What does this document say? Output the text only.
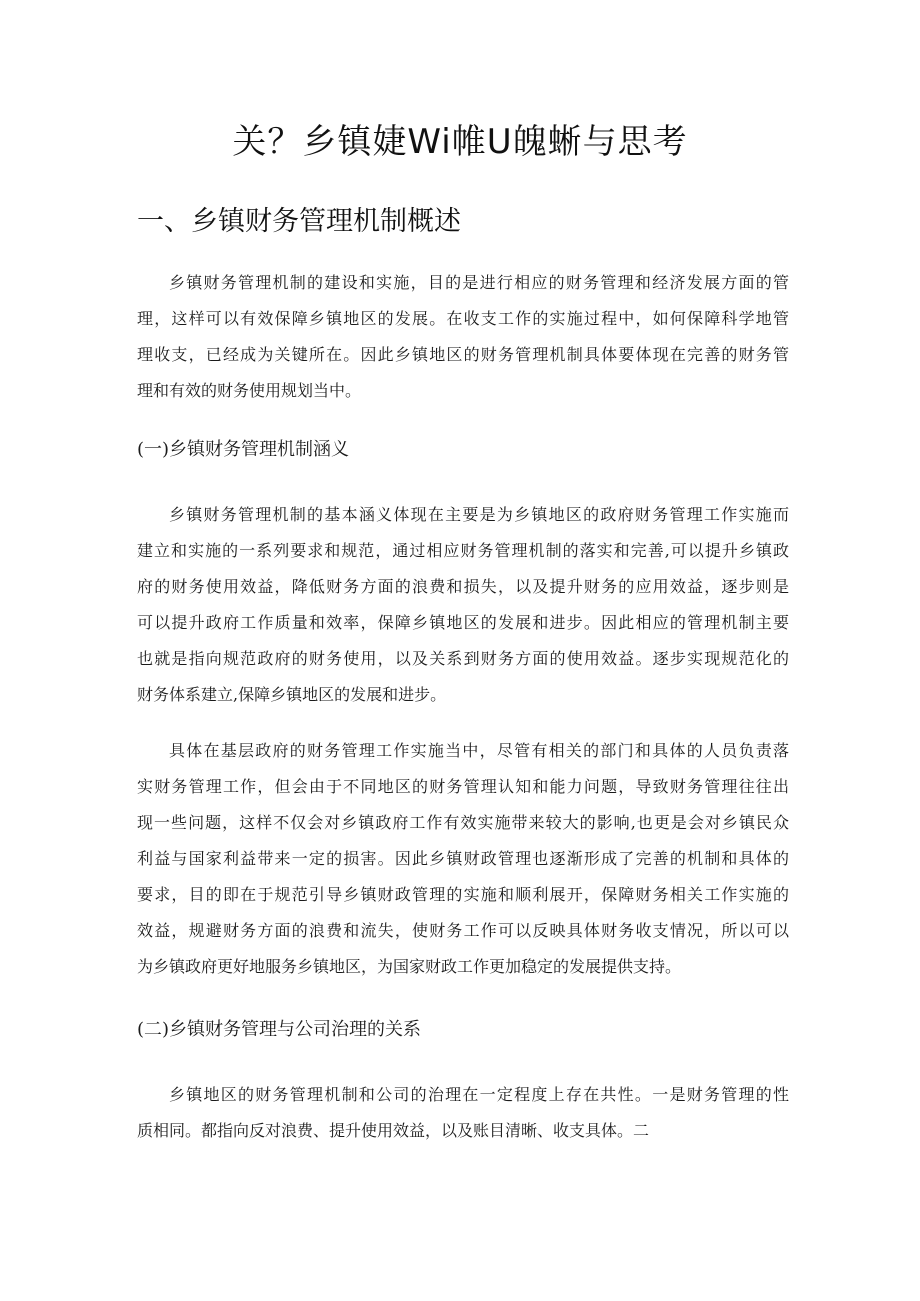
关？乡镇婕Wi帷U魄蜥与思考
一、乡镇财务管理机制概述
乡镇财务管理机制的建设和实施，目的是进行相应的财务管理和经济发展方面的管
理，这样可以有效保障乡镇地区的发展。在收支工作的实施过程中，如何保障科学地管
理收支，已经成为关键所在。因此乡镇地区的财务管理机制具体要体现在完善的财务管
理和有效的财务使用规划当中。
(一)乡镇财务管理机制涵义
乡镇财务管理机制的基本涵义体现在主要是为乡镇地区的政府财务管理工作实施而
建立和实施的一系列要求和规范，通过相应财务管理机制的落实和完善,可以提升乡镇政
府的财务使用效益，降低财务方面的浪费和损失，以及提升财务的应用效益，逐步则是
可以提升政府工作质量和效率，保障乡镇地区的发展和进步。因此相应的管理机制主要
也就是指向规范政府的财务使用，以及关系到财务方面的使用效益。逐步实现规范化的
财务体系建立,保障乡镇地区的发展和进步。
具体在基层政府的财务管理工作实施当中，尽管有相关的部门和具体的人员负责落
实财务管理工作，但会由于不同地区的财务管理认知和能力问题，导致财务管理往往出
现一些问题，这样不仅会对乡镇政府工作有效实施带来较大的影响,也更是会对乡镇民众
利益与国家利益带来一定的损害。因此乡镇财政管理也逐渐形成了完善的机制和具体的
要求，目的即在于规范引导乡镇财政管理的实施和顺利展开，保障财务相关工作实施的
效益，规避财务方面的浪费和流失，使财务工作可以反映具体财务收支情况，所以可以
为乡镇政府更好地服务乡镇地区，为国家财政工作更加稳定的发展提供支持。
(二)乡镇财务管理与公司治理的关系
乡镇地区的财务管理机制和公司的治理在一定程度上存在共性。一是财务管理的性
质相同。都指向反对浪费、提升使用效益，以及账目清晰、收支具体。二
